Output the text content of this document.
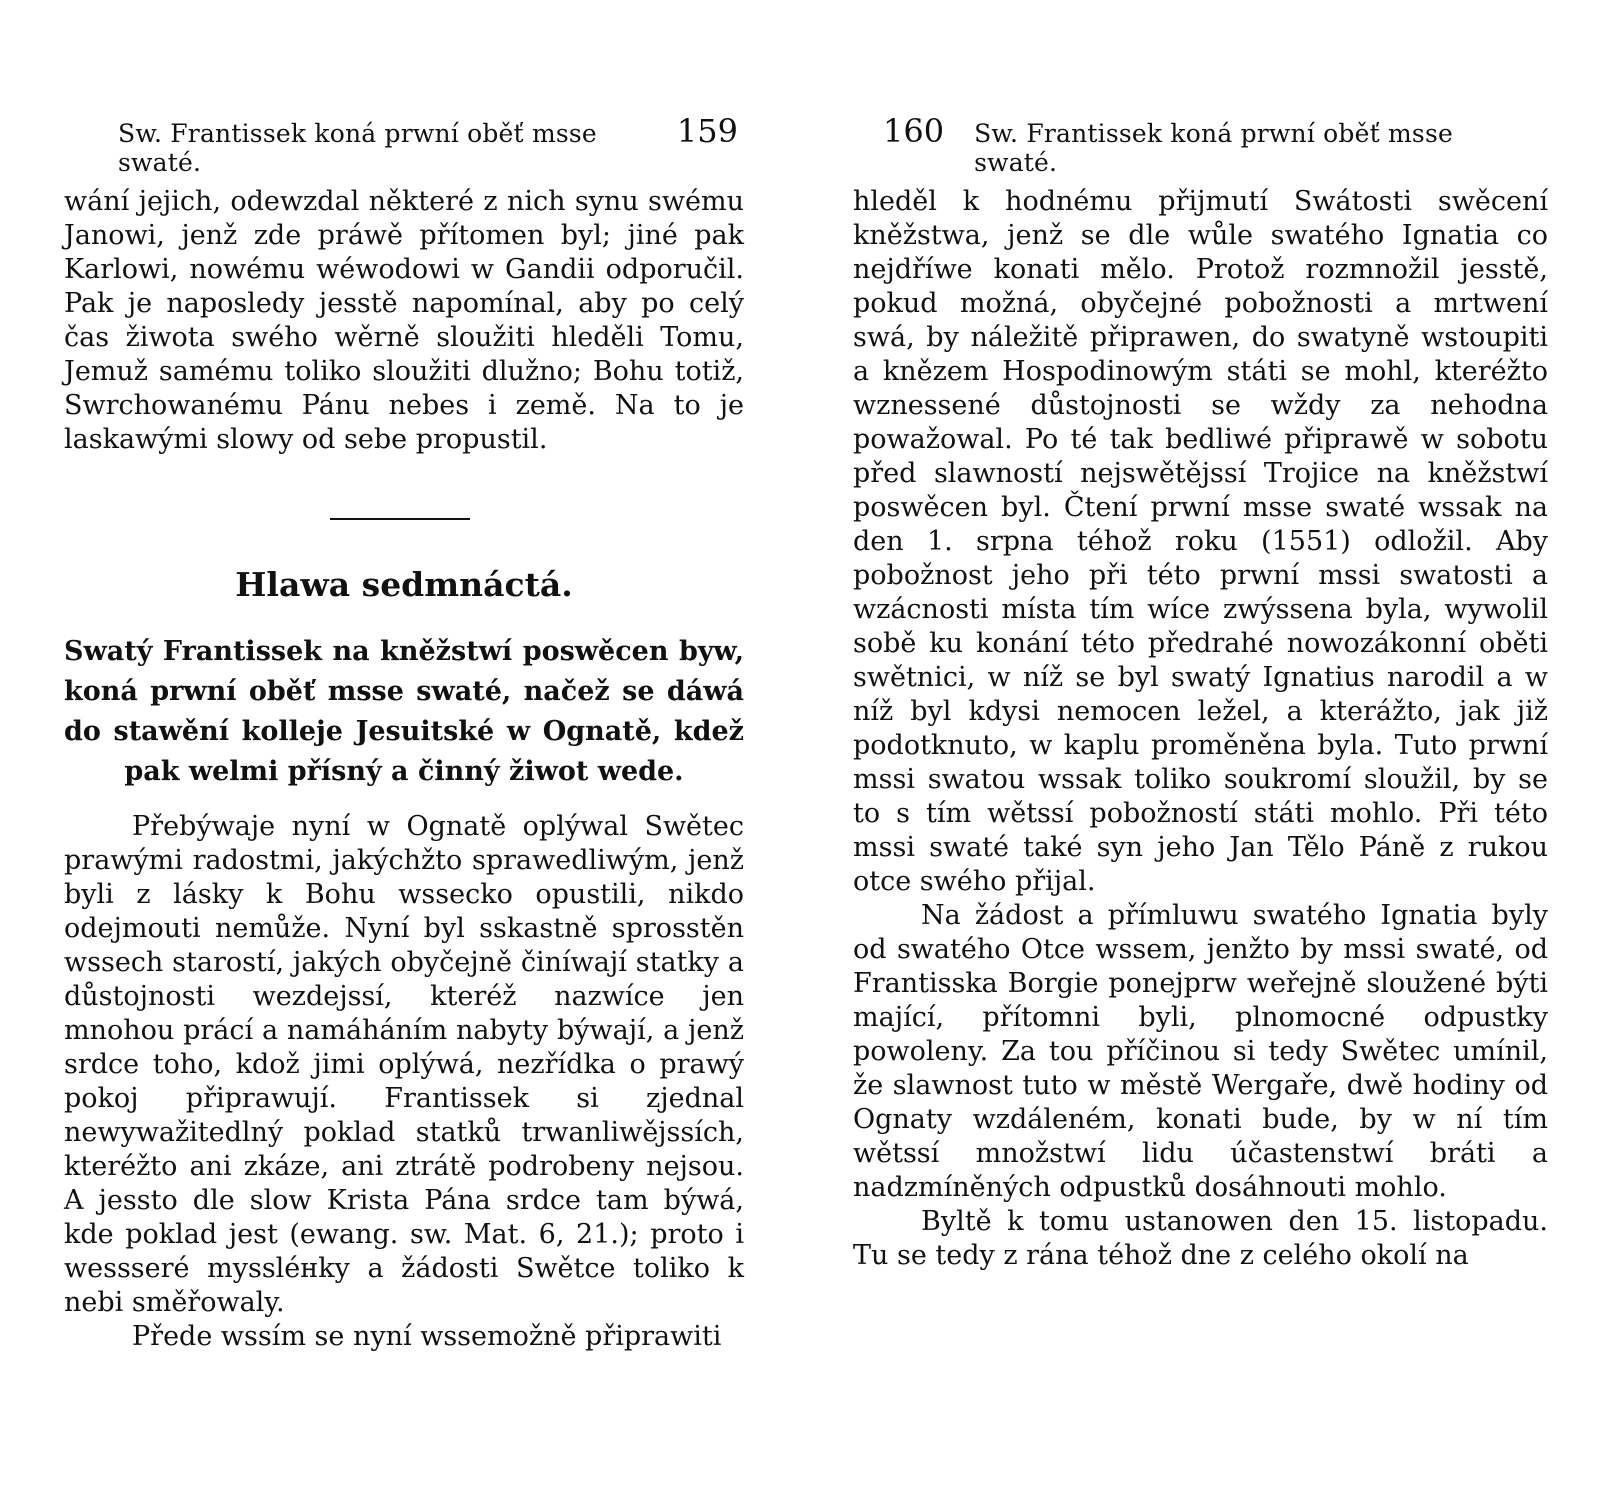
Sw. Frantissek koná prwní oběť msse swaté.
159

wání jejich, odewzdal některé z nich synu swému Janowi, jenž zde práwě přítomen byl; jiné pak Karlowi, nowému wéwodowi w Gandii odporučil. Pak je naposledy jesstě napomínal, aby po celý čas žiwota swého wěrně sloužiti hleděli Tomu, Jemuž samému toliko sloužiti dlužno; Bohu totiž, Swrchowanému Pánu nebes i země. Na to je laskawými slowy od sebe propustil.

Hlawa sedmnáctá.
Swatý Frantissek na kněžstwí poswěcen byw, koná prwní oběť msse swaté, načež se dáwá do stawění kolleje Jesuitské w Ognatě, kdež pak welmi přísný a činný žiwot wede.

Přebýwaje nyní w Ognatě oplýwal Swětec prawými radostmi, jakýchžto sprawedliwým, jenž byli z lásky k Bohu wssecko opustili, nikdo odejmouti nemůže. Nyní byl sskastně sprosstěn wssech starostí, jakých obyčejně činíwají statky a důstojnosti wezdejssí, kteréž nazwíce jen mnohou prácí a namáháním nabyty býwají, a jenž srdce toho, kdož jimi oplýwá, nezřídka o prawý pokoj připrawují. Frantissek si zjednal newywažitedlný poklad statků trwanliwějssích, kteréžto ani zkáze, ani ztrátě podrobeny nejsou. A jessto dle slow Krista Pána srdce tam býwá, kde poklad jest (ewang. sw. Mat. 6, 21.); proto i wessseré myssléнky a žádosti Swětce toliko k nebi směřowaly.

Přede wssím se nyní wssemožně připrawiti

160 Sw. Frantissek koná prwní oběť msse swaté.

hleděl k hodnému přijmutí Swátosti swěcení kněžstwa, jenž se dle wůle swatého Ignatia co nejdříwe konati mělo. Protož rozmnožil jesstě, pokud možná, obyčejné pobožnosti a mrtwení swá, by náležitě připrawen, do swatyně wstoupiti a knězem Hospodinowým státi se mohl, kteréžto wznessené důstojnosti se wždy za nehodna powažowal. Po té tak bedliwé připrawě w sobotu před slawností nejswětějssí Trojice na kněžstwí poswěcen byl. Čtení prwní msse swaté wssak na den 1. srpna téhož roku (1551) odložil. Aby pobožnost jeho při této prwní mssi swatosti a wzácnosti místa tím wíce zwýssena byla, wywolil sobě ku konání této předrahé nowozákonní oběti swětnici, w níž se byl swatý Ignatius narodil a w níž byl kdysi nemocen ležel, a kterážto, jak již podotknuto, w kaplu proměněna byla. Tuto prwní mssi swatou wssak toliko soukromí sloužil, by se to s tím wětssí pobožností státi mohlo. Při této mssi swaté také syn jeho Jan Tělo Páně z rukou otce swého přijal.

Na žádost a přímluwu swatého Ignatia byly od swatého Otce wssem, jenžto by mssi swaté, od Frantisska Borgie ponejprw weřejně sloužené býti mající, přítomni byli, plnomocné odpustky powoleny. Za tou příčinou si tedy Swětec umínil, že slawnost tuto w městě Wergaře, dwě hodiny od Ognaty wzdáleném, konati bude, by w ní tím wětssí množstwí lidu účastenstwí bráti a nadzmíněných odpustků dosáhnouti mohlo.

Byltě k tomu ustanowen den 15. listopadu. Tu se tedy z rána téhož dne z celého okolí na
